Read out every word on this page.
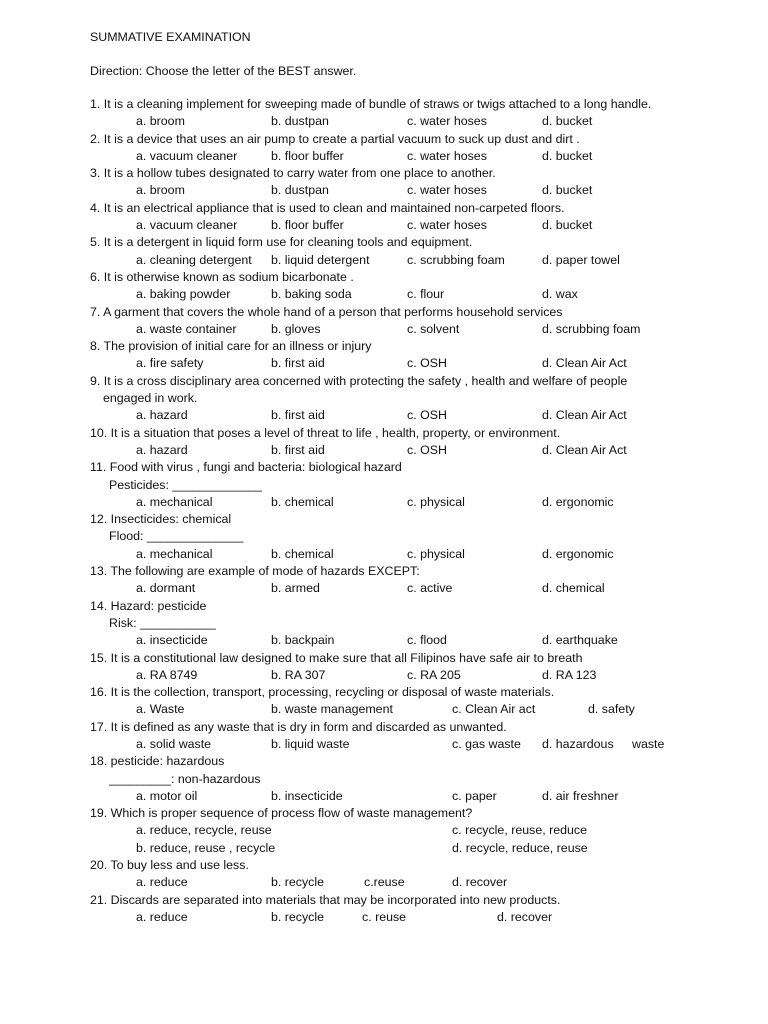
SUMMATIVE EXAMINATION
Direction: Choose the letter of the BEST answer.
1. It is a cleaning implement for sweeping made of bundle of straws or twigs attached to a long handle.
a. broom	b. dustpan	c. water hoses	d. bucket
2. It is a device that uses an air pump to create a partial vacuum to suck up dust and dirt .
a. vacuum cleaner	b. floor buffer	c. water hoses	d. bucket
3. It is a hollow tubes designated to carry water from one place to another.
a. broom	b. dustpan	c. water hoses	d. bucket
4. It is an electrical appliance that is used to clean and maintained non-carpeted floors.
a. vacuum cleaner	b. floor buffer	c. water hoses	d. bucket
5. It is a detergent in liquid form use for cleaning tools and equipment.
a. cleaning detergent b. liquid detergent	c. scrubbing foam	d. paper towel
6. It is otherwise known as sodium bicarbonate .
a. baking powder	b. baking soda	c. flour	d. wax
7. A garment that covers the whole hand of a person that performs household services
a. waste container	b. gloves	c. solvent	d. scrubbing foam
8. The provision of initial care for an illness or injury
a. fire safety	b. first aid	c. OSH	d. Clean Air Act
9. It is a cross disciplinary area concerned with protecting the safety , health and welfare of people
engaged in work.
a. hazard	b. first aid	c. OSH	d. Clean Air Act
10. It is a situation that poses a level of threat to life , health, property, or environment.
a. hazard	b. first aid	c. OSH	d. Clean Air Act
11. Food with virus , fungi and bacteria: biological hazard
Pesticides: _____________
a. mechanical	b. chemical	c. physical	d. ergonomic
12. Insecticides: chemical
Flood: ______________
a. mechanical	b. chemical	c. physical	d. ergonomic
13. The following are example of mode of hazards EXCEPT:
a. dormant	b. armed	c. active	d. chemical
14. Hazard: pesticide
Risk: ___________
a. insecticide	b. backpain	c. flood	d. earthquake
15. It is a constitutional law designed to make sure that all Filipinos have safe air to breath
a. RA 8749	b. RA 307	c. RA 205	d. RA 123
16. It is the collection, transport, processing, recycling or disposal of waste materials.
a. Waste	b. waste management	c. Clean Air act	d. safety
17. It is defined as any waste that is dry in form and discarded as unwanted.
a. solid waste	b. liquid waste	c. gas waste d. hazardous waste
18. pesticide: hazardous
_________: non-hazardous
a. motor oil	b. insecticide	c. paper	d. air freshner
19. Which is proper sequence of process flow of waste management?
a. reduce, recycle, reuse	c. recycle, reuse, reduce
b. reduce, reuse , recycle	d. recycle, reduce, reuse
20. To buy less and use less.
a. reduce	b. recycle	c.reuse	d. recover
21. Discards are separated into materials that may be incorporated into new products.
a. reduce	b. recycle	c. reuse	d. recover
